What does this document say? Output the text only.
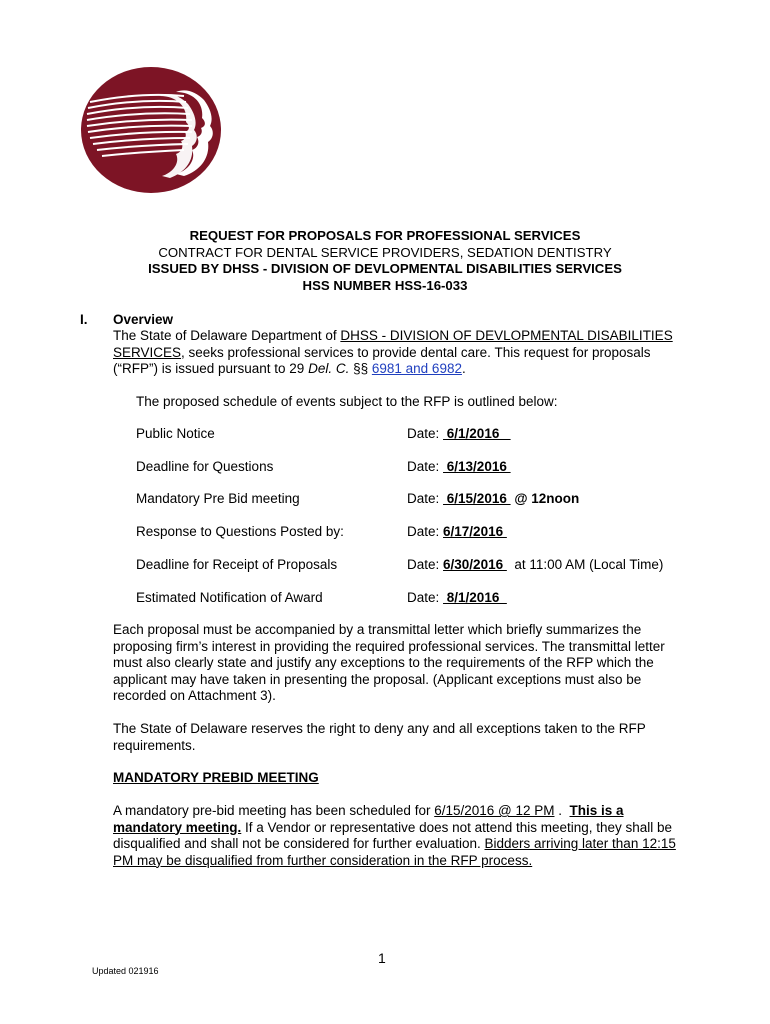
REQUEST FOR PROPOSALS FOR PROFESSIONAL SERVICES
CONTRACT FOR DENTAL SERVICE PROVIDERS, SEDATION DENTISTRY
ISSUED BY DHSS - DIVISION OF DEVLOPMENTAL DISABILITIES SERVICES
HSS NUMBER HSS-16-033
I. Overview
The State of Delaware Department of DHSS - DIVISION OF DEVLOPMENTAL DISABILITIES SERVICES, seeks professional services to provide dental care. This request for proposals (“RFP”) is issued pursuant to 29 Del. C. §§ 6981 and 6982.
The proposed schedule of events subject to the RFP is outlined below:
Public Notice	Date:  6/1/2016
Deadline for Questions	Date:  6/13/2016
Mandatory Pre Bid meeting	Date:  6/15/2016  @ 12noon
Response to Questions Posted by:	Date: 6/17/2016
Deadline for Receipt of Proposals	Date: 6/30/2016   at 11:00 AM (Local Time)
Estimated Notification of Award	Date:  8/1/2016
Each proposal must be accompanied by a transmittal letter which briefly summarizes the proposing firm’s interest in providing the required professional services. The transmittal letter must also clearly state and justify any exceptions to the requirements of the RFP which the applicant may have taken in presenting the proposal. (Applicant exceptions must also be recorded on Attachment 3).
The State of Delaware reserves the right to deny any and all exceptions taken to the RFP requirements.
MANDATORY PREBID MEETING
A mandatory pre-bid meeting has been scheduled for 6/15/2016 @ 12 PM .  This is a mandatory meeting. If a Vendor or representative does not attend this meeting, they shall be disqualified and shall not be considered for further evaluation. Bidders arriving later than 12:15 PM may be disqualified from further consideration in the RFP process.
1
Updated 021916
